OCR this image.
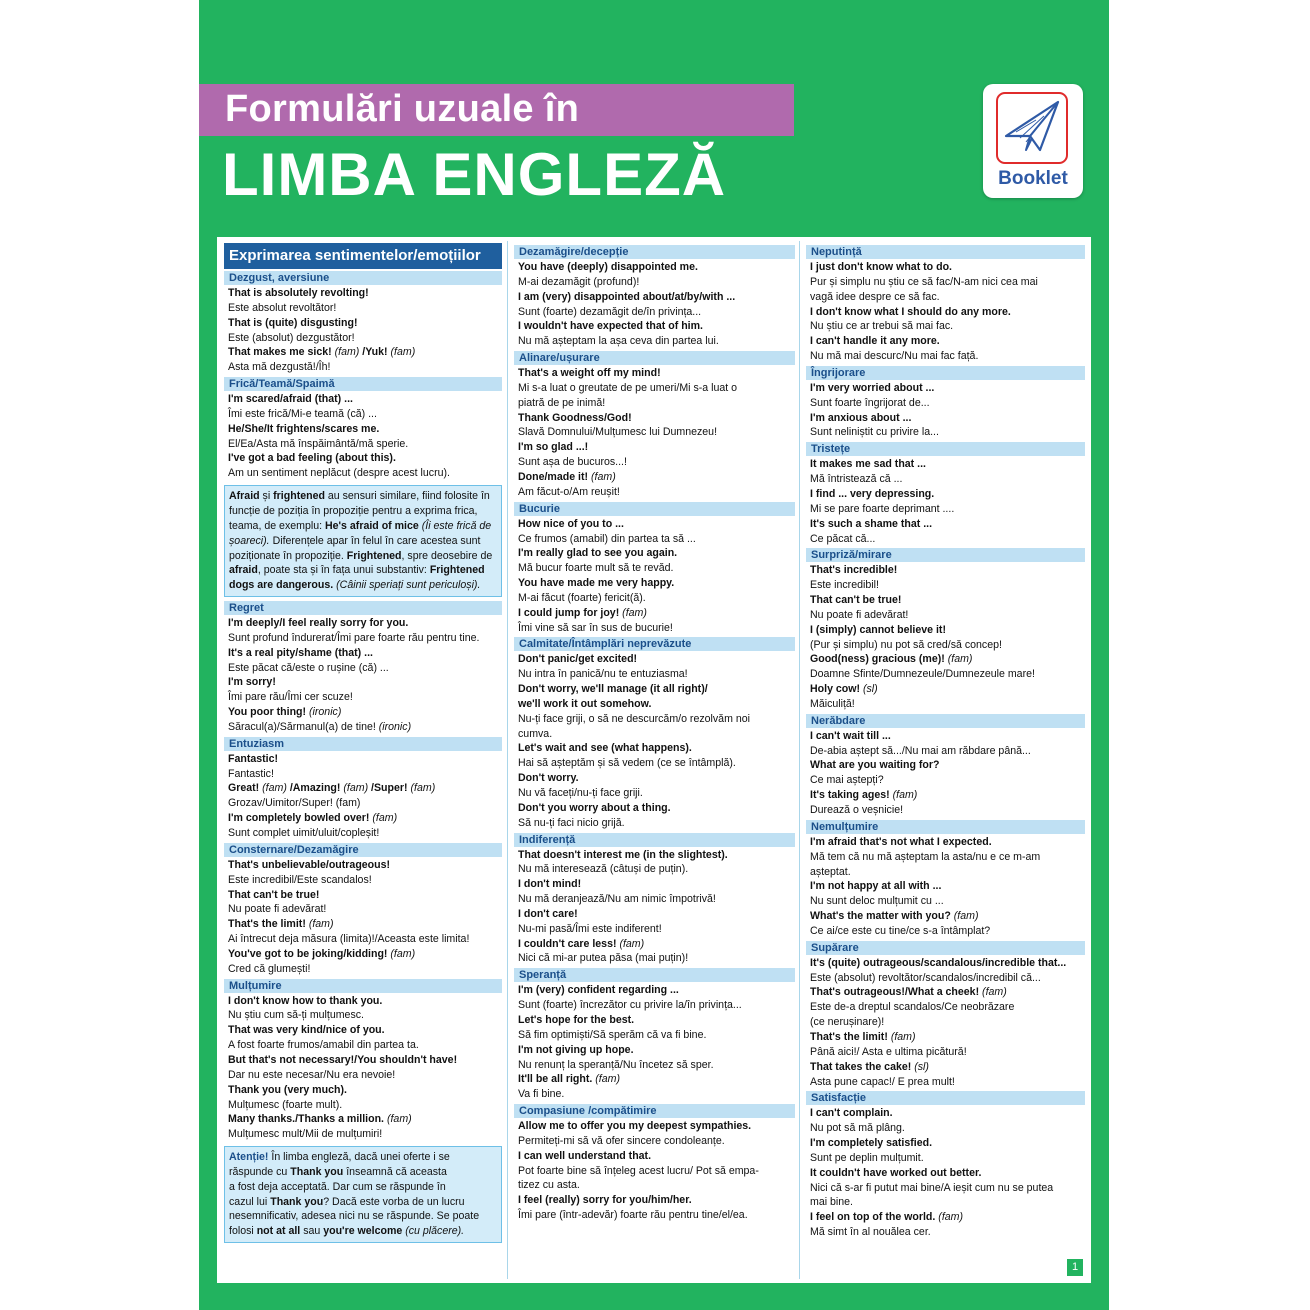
Formulări uzuale în
LIMBA ENGLEZĂ	Booklet
Exprimarea sentimentelor/emoțiilor
Dezgust, aversiune
That is absolutely revolting!
Este absolut revoltător!
That is (quite) disgusting!
Este (absolut) dezgustător!
That makes me sick! (fam) /Yuk! (fam)
Asta mă dezgustă!/Îh!
Frică/Teamă/Spaimă
I'm scared/afraid (that) ...
Îmi este frică/Mi-e teamă (că) ...
He/She/It frightens/scares me.
El/Ea/Asta mă înspăimântă/mă sperie.
I've got a bad feeling (about this).
Am un sentiment neplăcut (despre acest lucru).
Afraid și frightened au sensuri similare, fiind folosite în
funcție de poziția în propoziție pentru a exprima frica,
teama, de exemplu: He's afraid of mice (Îi este frică de
șoareci). Diferențele apar în felul în care acestea sunt
poziționate în propoziție. Frightened, spre deosebire de
afraid, poate sta și în fața unui substantiv: Frightened
dogs are dangerous. (Câinii speriați sunt periculoși).
Regret
I'm deeply/I feel really sorry for you.
Sunt profund îndurerat/Îmi pare foarte rău pentru tine.
It's a real pity/shame (that) ...
Este păcat că/este o rușine (că) ...
I'm sorry!
Îmi pare rău/Îmi cer scuze!
You poor thing! (ironic)
Săracul(a)/Sărmanul(a) de tine! (ironic)
Entuziasm
Fantastic!
Fantastic!
Great! (fam) /Amazing! (fam) /Super! (fam)
Grozav/Uimitor/Super! (fam)
I'm completely bowled over! (fam)
Sunt complet uimit/uluit/copleșit!
Consternare/Dezamăgire
That's unbelievable/outrageous!
Este incredibil/Este scandalos!
That can't be true!
Nu poate fi adevărat!
That's the limit! (fam)
Ai întrecut deja măsura (limita)!/Aceasta este limita!
You've got to be joking/kidding! (fam)
Cred că glumești!
Mulțumire
I don't know how to thank you.
Nu știu cum să-ți mulțumesc.
That was very kind/nice of you.
A fost foarte frumos/amabil din partea ta.
But that's not necessary!/You shouldn't have!
Dar nu este necesar/Nu era nevoie!
Thank you (very much).
Mulțumesc (foarte mult).
Many thanks./Thanks a million. (fam)
Mulțumesc mult/Mii de mulțumiri!
Atenție! În limba engleză, dacă unei oferte i se
răspunde cu Thank you înseamnă că aceasta
a fost deja acceptată. Dar cum se răspunde în
cazul lui Thank you? Dacă este vorba de un lucru
nesemnificativ, adesea nici nu se răspunde. Se poate
folosi not at all sau you're welcome (cu plăcere).
Dezamăgire/decepție
You have (deeply) disappointed me.
M-ai dezamăgit (profund)!
I am (very) disappointed about/at/by/with ...
Sunt (foarte) dezamăgit de/în privința...
I wouldn't have expected that of him.
Nu mă așteptam la așa ceva din partea lui.
Alinare/ușurare
That's a weight off my mind!
Mi s-a luat o greutate de pe umeri/Mi s-a luat o
piatră de pe inimă!
Thank Goodness/God!
Slavă Domnului/Mulțumesc lui Dumnezeu!
I'm so glad ...!
Sunt așa de bucuros...!
Done/made it! (fam)
Am făcut-o/Am reușit!
Bucurie
How nice of you to ...
Ce frumos (amabil) din partea ta să ...
I'm really glad to see you again.
Mă bucur foarte mult să te revăd.
You have made me very happy.
M-ai făcut (foarte) fericit(ă).
I could jump for joy! (fam)
Îmi vine să sar în sus de bucurie!
Calmitate/Întâmplări neprevăzute
Don't panic/get excited!
Nu intra în panică/nu te entuziasma!
Don't worry, we'll manage (it all right)/
we'll work it out somehow.
Nu-ți face griji, o să ne descurcăm/o rezolvăm noi
cumva.
Let's wait and see (what happens).
Hai să așteptăm și să vedem (ce se întâmplă).
Don't worry.
Nu vă faceți/nu-ți face griji.
Don't you worry about a thing.
Să nu-ți faci nicio grijă.
Indiferență
That doesn't interest me (in the slightest).
Nu mă interesează (câtuși de puțin).
I don't mind!
Nu mă deranjează/Nu am nimic împotrivă!
I don't care!
Nu-mi pasă/Îmi este indiferent!
I couldn't care less! (fam)
Nici că mi-ar putea păsa (mai puțin)!
Speranță
I'm (very) confident regarding ...
Sunt (foarte) încrezător cu privire la/în privința...
Let's hope for the best.
Să fim optimiști/Să sperăm că va fi bine.
I'm not giving up hope.
Nu renunț la speranță/Nu încetez să sper.
It'll be all right. (fam)
Va fi bine.
Compasiune /compătimire
Allow me to offer you my deepest sympathies.
Permiteți-mi să vă ofer sincere condoleanțe.
I can well understand that.
Pot foarte bine să înțeleg acest lucru/ Pot să empa-
tizez cu asta.
I feel (really) sorry for you/him/her.
Îmi pare (într-adevăr) foarte rău pentru tine/el/ea.
Neputință
I just don't know what to do.
Pur și simplu nu știu ce să fac/N-am nici cea mai
vagă idee despre ce să fac.
I don't know what I should do any more.
Nu știu ce ar trebui să mai fac.
I can't handle it any more.
Nu mă mai descurc/Nu mai fac față.
Îngrijorare
I'm very worried about ...
Sunt foarte îngrijorat de...
I'm anxious about ...
Sunt neliniștit cu privire la...
Tristețe
It makes me sad that ...
Mă întristează că ...
I find ... very depressing.
Mi se pare foarte deprimant ....
It's such a shame that ...
Ce păcat că...
Surpriză/mirare
That's incredible!
Este incredibil!
That can't be true!
Nu poate fi adevărat!
I (simply) cannot believe it!
(Pur și simplu) nu pot să cred/să concep!
Good(ness) gracious (me)! (fam)
Doamne Sfinte/Dumnezeule/Dumnezeule mare!
Holy cow! (sl)
Măiculiță!
Nerăbdare
I can't wait till ...
De-abia aștept să.../Nu mai am răbdare până...
What are you waiting for?
Ce mai aștepți?
It's taking ages! (fam)
Durează o veșnicie!
Nemulțumire
I'm afraid that's not what I expected.
Mă tem că nu mă așteptam la asta/nu e ce m-am
așteptat.
I'm not happy at all with ...
Nu sunt deloc mulțumit cu ...
What's the matter with you? (fam)
Ce ai/ce este cu tine/ce s-a întâmplat?
Supărare
It's (quite) outrageous/scandalous/incredible that...
Este (absolut) revoltător/scandalos/incredibil că...
That's outrageous!/What a cheek! (fam)
Este de-a dreptul scandalos/Ce neobrăzare
(ce nerușinare)!
That's the limit! (fam)
Până aici!/ Asta e ultima picătură!
That takes the cake! (sl)
Asta pune capac!/ E prea mult!
Satisfacție
I can't complain.
Nu pot să mă plâng.
I'm completely satisfied.
Sunt pe deplin mulțumit.
It couldn't have worked out better.
Nici că s-ar fi putut mai bine/A ieșit cum nu se putea
mai bine.
I feel on top of the world. (fam)
Mă simt în al nouălea cer.
1
